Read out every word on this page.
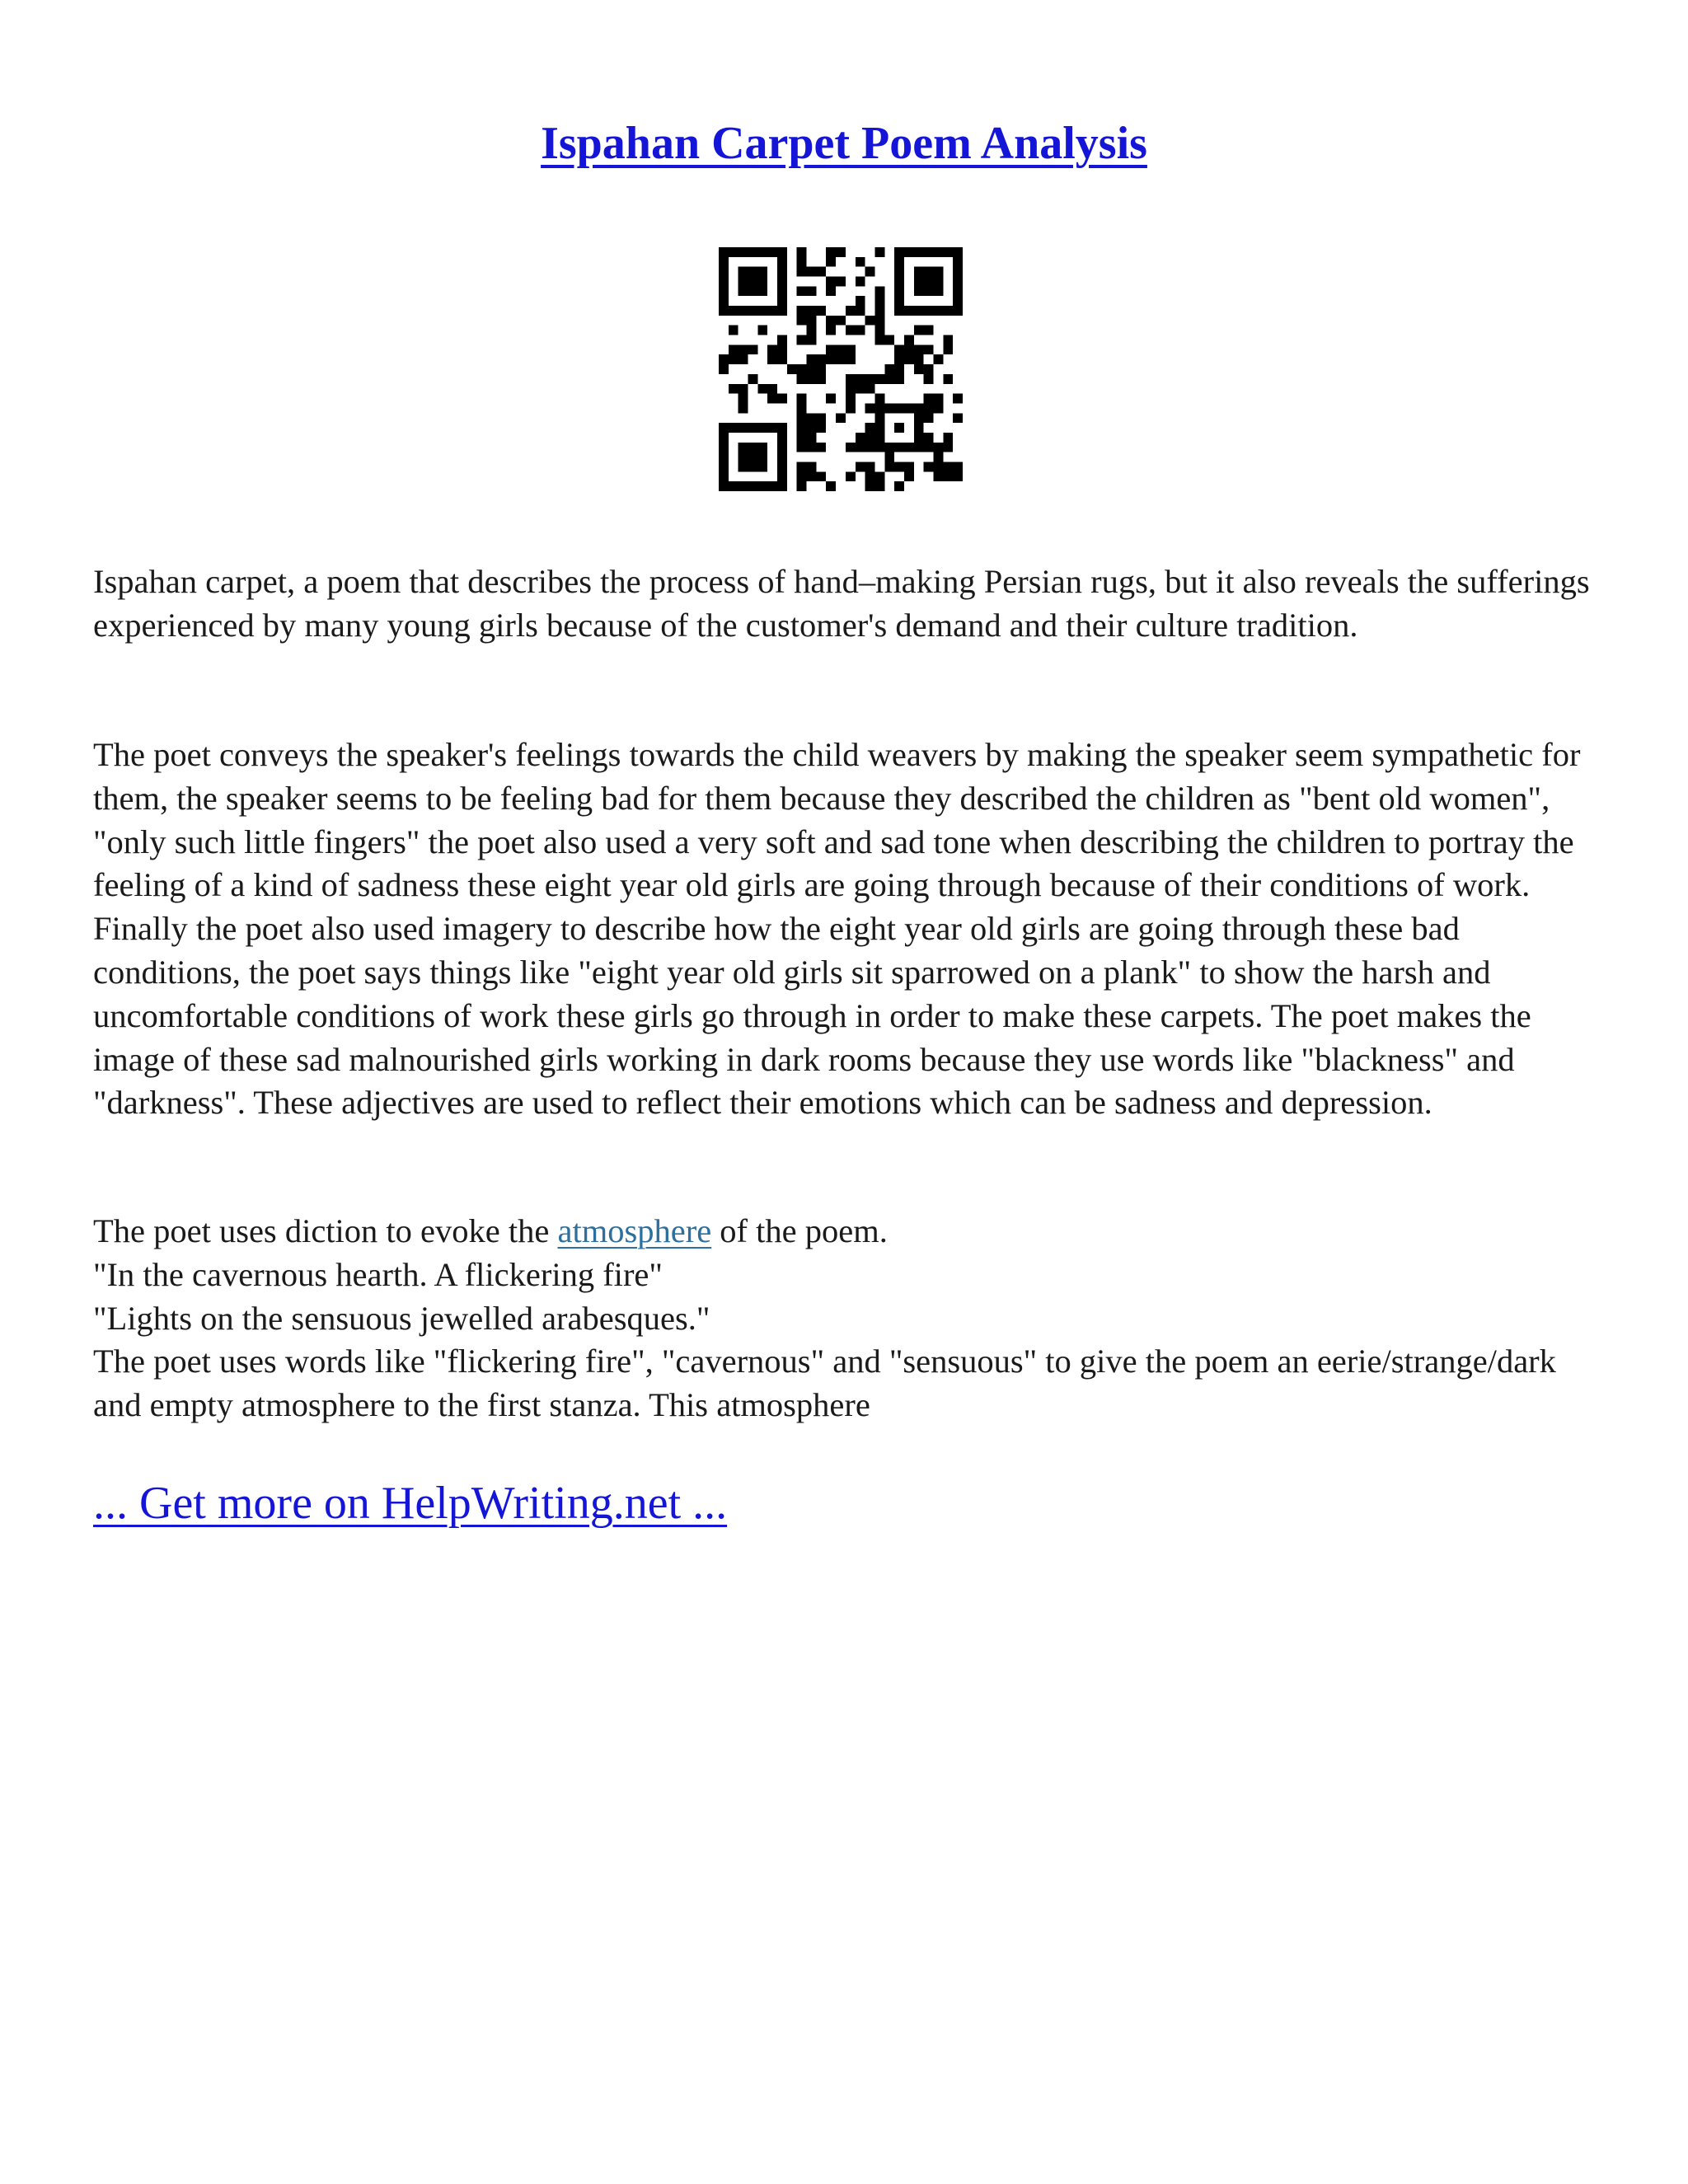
Ispahan Carpet Poem Analysis

Ispahan carpet, a poem that describes the process of hand–making Persian rugs, but it also reveals the sufferings experienced by many young girls because of the customer's demand and their culture tradition.

The poet conveys the speaker's feelings towards the child weavers by making the speaker seem sympathetic for them, the speaker seems to be feeling bad for them because they described the children as "bent old women", "only such little fingers" the poet also used a very soft and sad tone when describing the children to portray the feeling of a kind of sadness these eight year old girls are going through because of their conditions of work. Finally the poet also used imagery to describe how the eight year old girls are going through these bad conditions, the poet says things like "eight year old girls sit sparrowed on a plank" to show the harsh and uncomfortable conditions of work these girls go through in order to make these carpets. The poet makes the image of these sad malnourished girls working in dark rooms because they use words like "blackness" and "darkness". These adjectives are used to reflect their emotions which can be sadness and depression.

The poet uses diction to evoke the atmosphere of the poem.

"In the cavernous hearth. A flickering fire"

"Lights on the sensuous jewelled arabesques."

The poet uses words like "flickering fire", "cavernous" and "sensuous" to give the poem an eerie/strange/dark and empty atmosphere to the first stanza. This atmosphere

... Get more on HelpWriting.net ...
